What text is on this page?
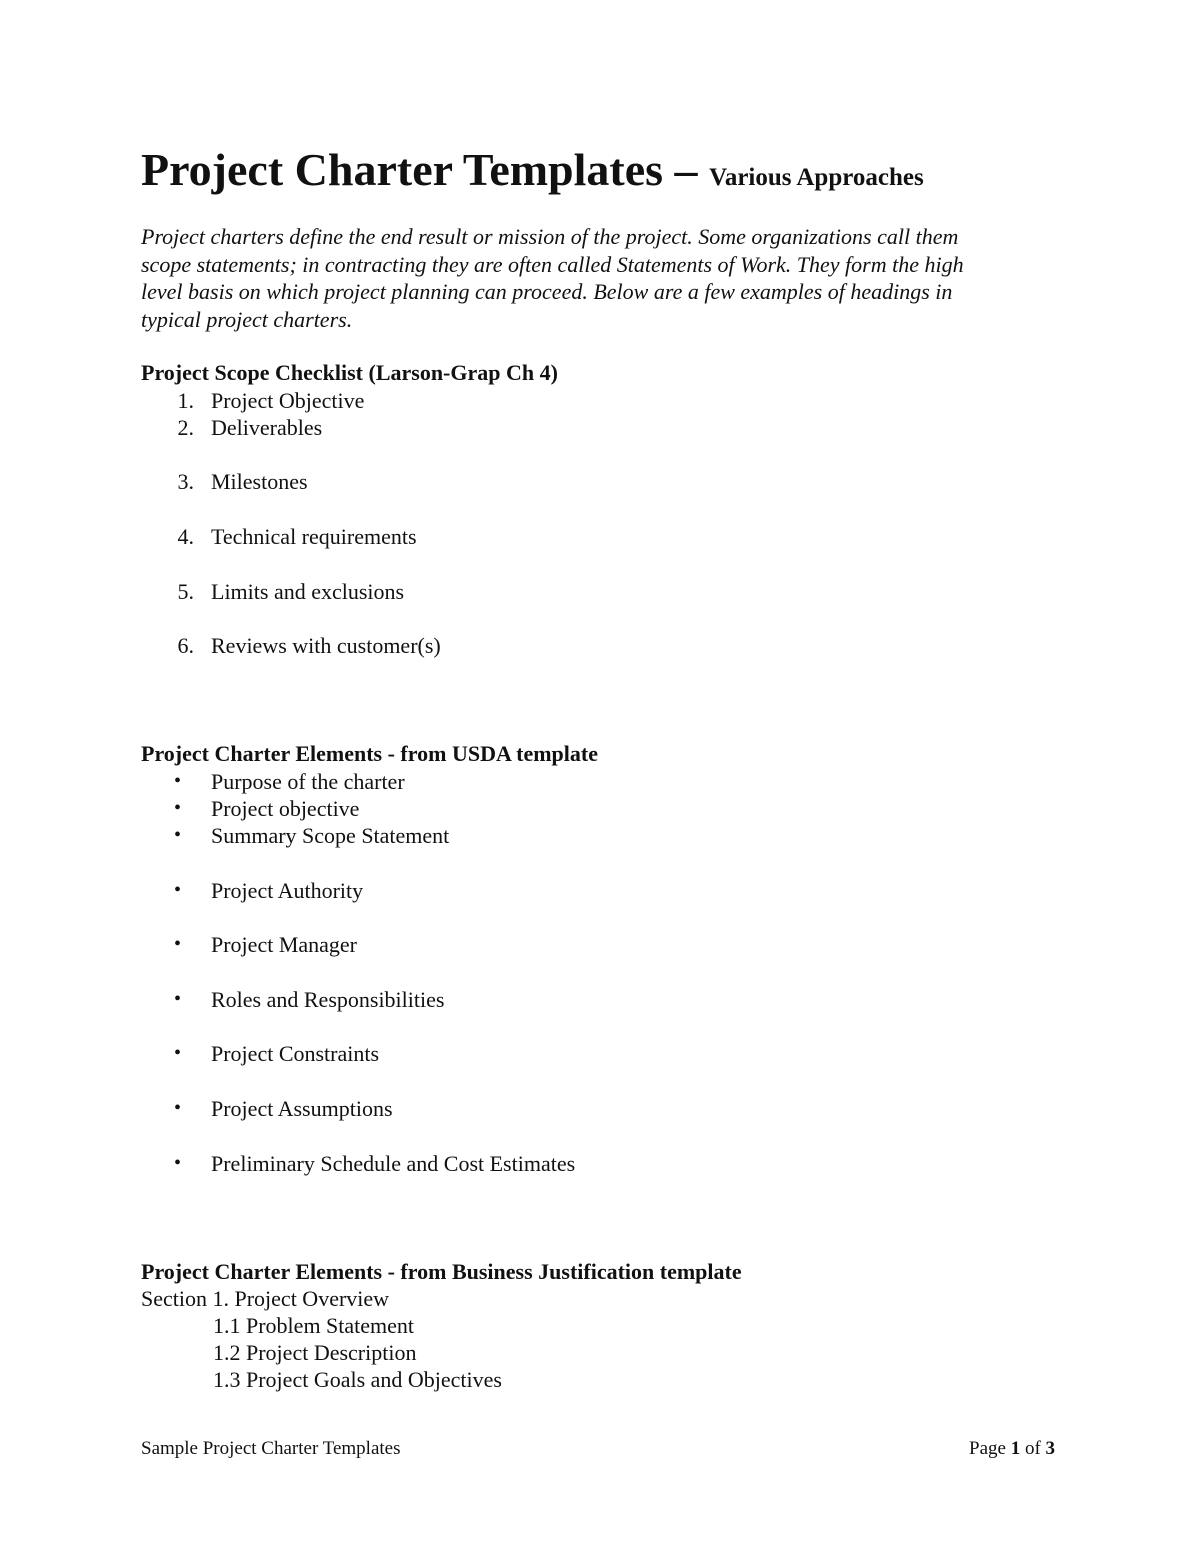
Project Charter Templates – Various Approaches
Project charters define the end result or mission of the project. Some organizations call them
scope statements; in contracting they are often called Statements of Work. They form the high
level basis on which project planning can proceed. Below are a few examples of headings in
typical project charters.
Project Scope Checklist (Larson-Grap Ch 4)
1. Project Objective
2. Deliverables
3. Milestones
4. Technical requirements
5. Limits and exclusions
6. Reviews with customer(s)
Project Charter Elements - from USDA template
• Purpose of the charter
• Project objective
• Summary Scope Statement
• Project Authority
• Project Manager
• Roles and Responsibilities
• Project Constraints
• Project Assumptions
• Preliminary Schedule and Cost Estimates
Project Charter Elements - from Business Justification template
Section 1. Project Overview
1.1 Problem Statement
1.2 Project Description
1.3 Project Goals and Objectives
Sample Project Charter Templates	Page 1 of 3
